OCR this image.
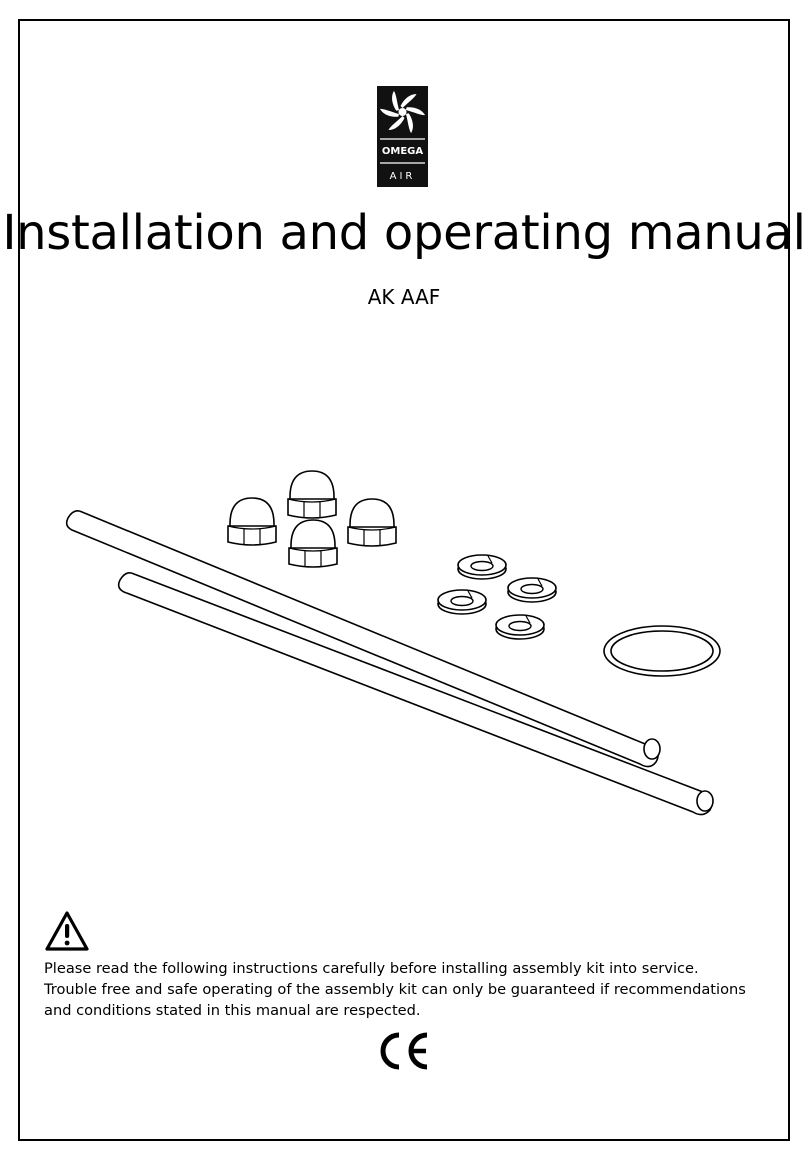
OMEGA
AIR
Installation and operating manual
AK AAF
Please read the following instructions carefully before installing assembly kit into service. Trouble free and safe operating of the assembly kit can only be guaranteed if recommendations and conditions stated in this manual are respected.
